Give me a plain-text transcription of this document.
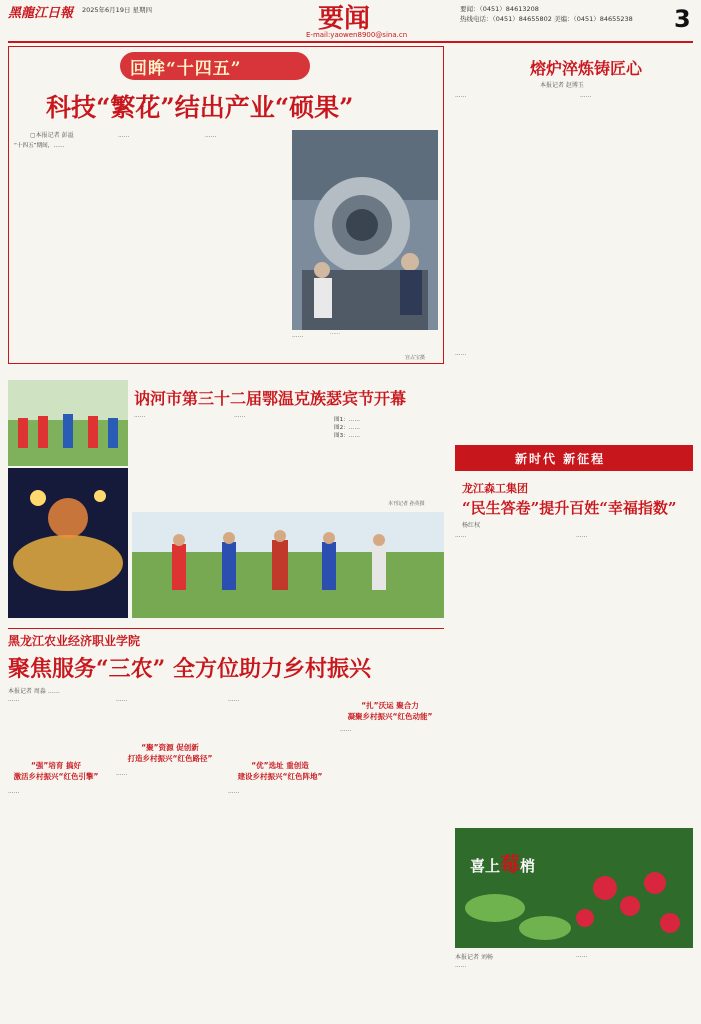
黑龍江日報 2025年6月19日 星期四	要闻
E-mail:yaowen8900@sina.cn
要闻：（0451）84613208
热线电话：（0451）84655802 美编：（0451）84655238	3
回眸“十四五”
科技“繁花”结出产业“硕果”
▢本报记者 彭溢
“十四五”期间，……
……	……
……	……
宫占宝摄
熔炉淬炼铸匠心
本报记者 赵博玉
……	……
……
新时代 新征程
龙江森工集团
“民生答卷”提升百姓“幸福指数”
杨红权
……	……
讷河市第三十二届鄂温克族瑟宾节开幕
……	……
图1：……
图2：……
图3：……
本刊记者 孙英摄
黑龙江农业经济职业学院
聚焦服务“三农” 全方位助力乡村振兴
本报记者 周淼 ……
“强”培育 搞好
激活乡村振兴“红色引擎”
“聚”资源 促创新
打造乡村振兴“红色路径”
“优”选址 重创造
建设乡村振兴“红色阵地”
“扎”沃运 聚合力
凝聚乡村振兴“红色动能”
……
……
……
……
……
……
……
喜上莓梢
本报记者 刘畅
……
……
